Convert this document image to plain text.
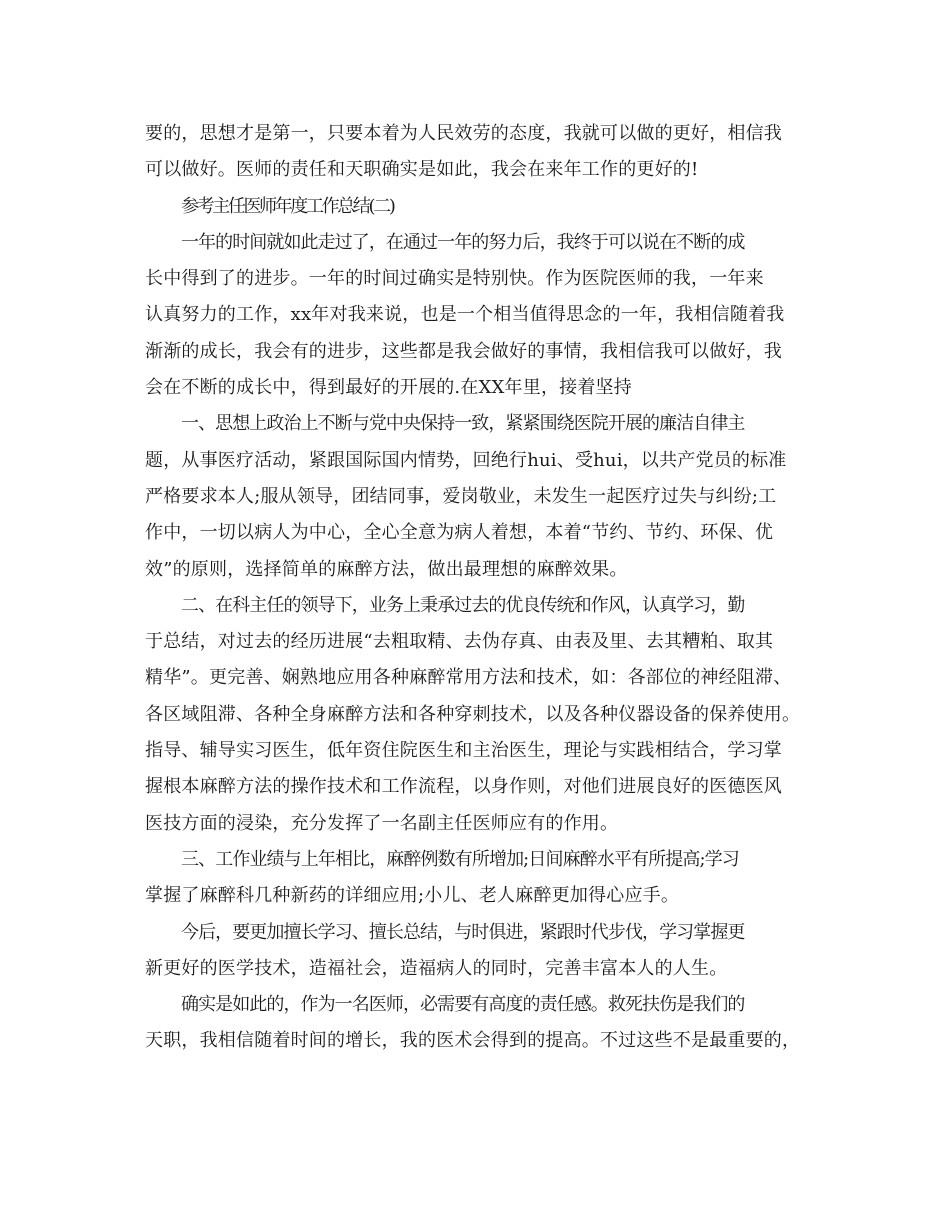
要的，思想才是第一，只要本着为人民效劳的态度，我就可以做的更好，相信我
可以做好。医师的责任和天职确实是如此，我会在来年工作的更好的!
参考主任医师年度工作总结(二)
一年的时间就如此走过了，在通过一年的努力后，我终于可以说在不断的成
长中得到了的进步。一年的时间过确实是特别快。作为医院医师的我，一年来
认真努力的工作，xx年对我来说，也是一个相当值得思念的一年，我相信随着我
渐渐的成长，我会有的进步，这些都是我会做好的事情，我相信我可以做好，我
会在不断的成长中，得到最好的开展的.在XX年里，接着坚持
一、思想上政治上不断与党中央保持一致，紧紧围绕医院开展的廉洁自律主
题，从事医疗活动，紧跟国际国内情势，回绝行hui、受hui，以共产党员的标准
严格要求本人;服从领导，团结同事，爱岗敬业，未发生一起医疗过失与纠纷;工
作中，一切以病人为中心，全心全意为病人着想，本着“节约、节约、环保、优
效”的原则，选择简单的麻醉方法，做出最理想的麻醉效果。
二、在科主任的领导下，业务上秉承过去的优良传统和作风，认真学习，勤
于总结，对过去的经历进展“去粗取精、去伪存真、由表及里、去其糟粕、取其
精华”。更完善、娴熟地应用各种麻醉常用方法和技术，如：各部位的神经阻滞、
各区域阻滞、各种全身麻醉方法和各种穿刺技术，以及各种仪器设备的保养使用。
指导、辅导实习医生，低年资住院医生和主治医生，理论与实践相结合，学习掌
握根本麻醉方法的操作技术和工作流程，以身作则，对他们进展良好的医德医风
医技方面的浸染，充分发挥了一名副主任医师应有的作用。
三、工作业绩与上年相比，麻醉例数有所增加;日间麻醉水平有所提高;学习
掌握了麻醉科几种新药的详细应用;小儿、老人麻醉更加得心应手。
今后，要更加擅长学习、擅长总结，与时俱进，紧跟时代步伐，学习掌握更
新更好的医学技术，造福社会，造福病人的同时，完善丰富本人的人生。
确实是如此的，作为一名医师，必需要有高度的责任感。救死扶伤是我们的
天职，我相信随着时间的增长，我的医术会得到的提高。不过这些不是最重要的，
